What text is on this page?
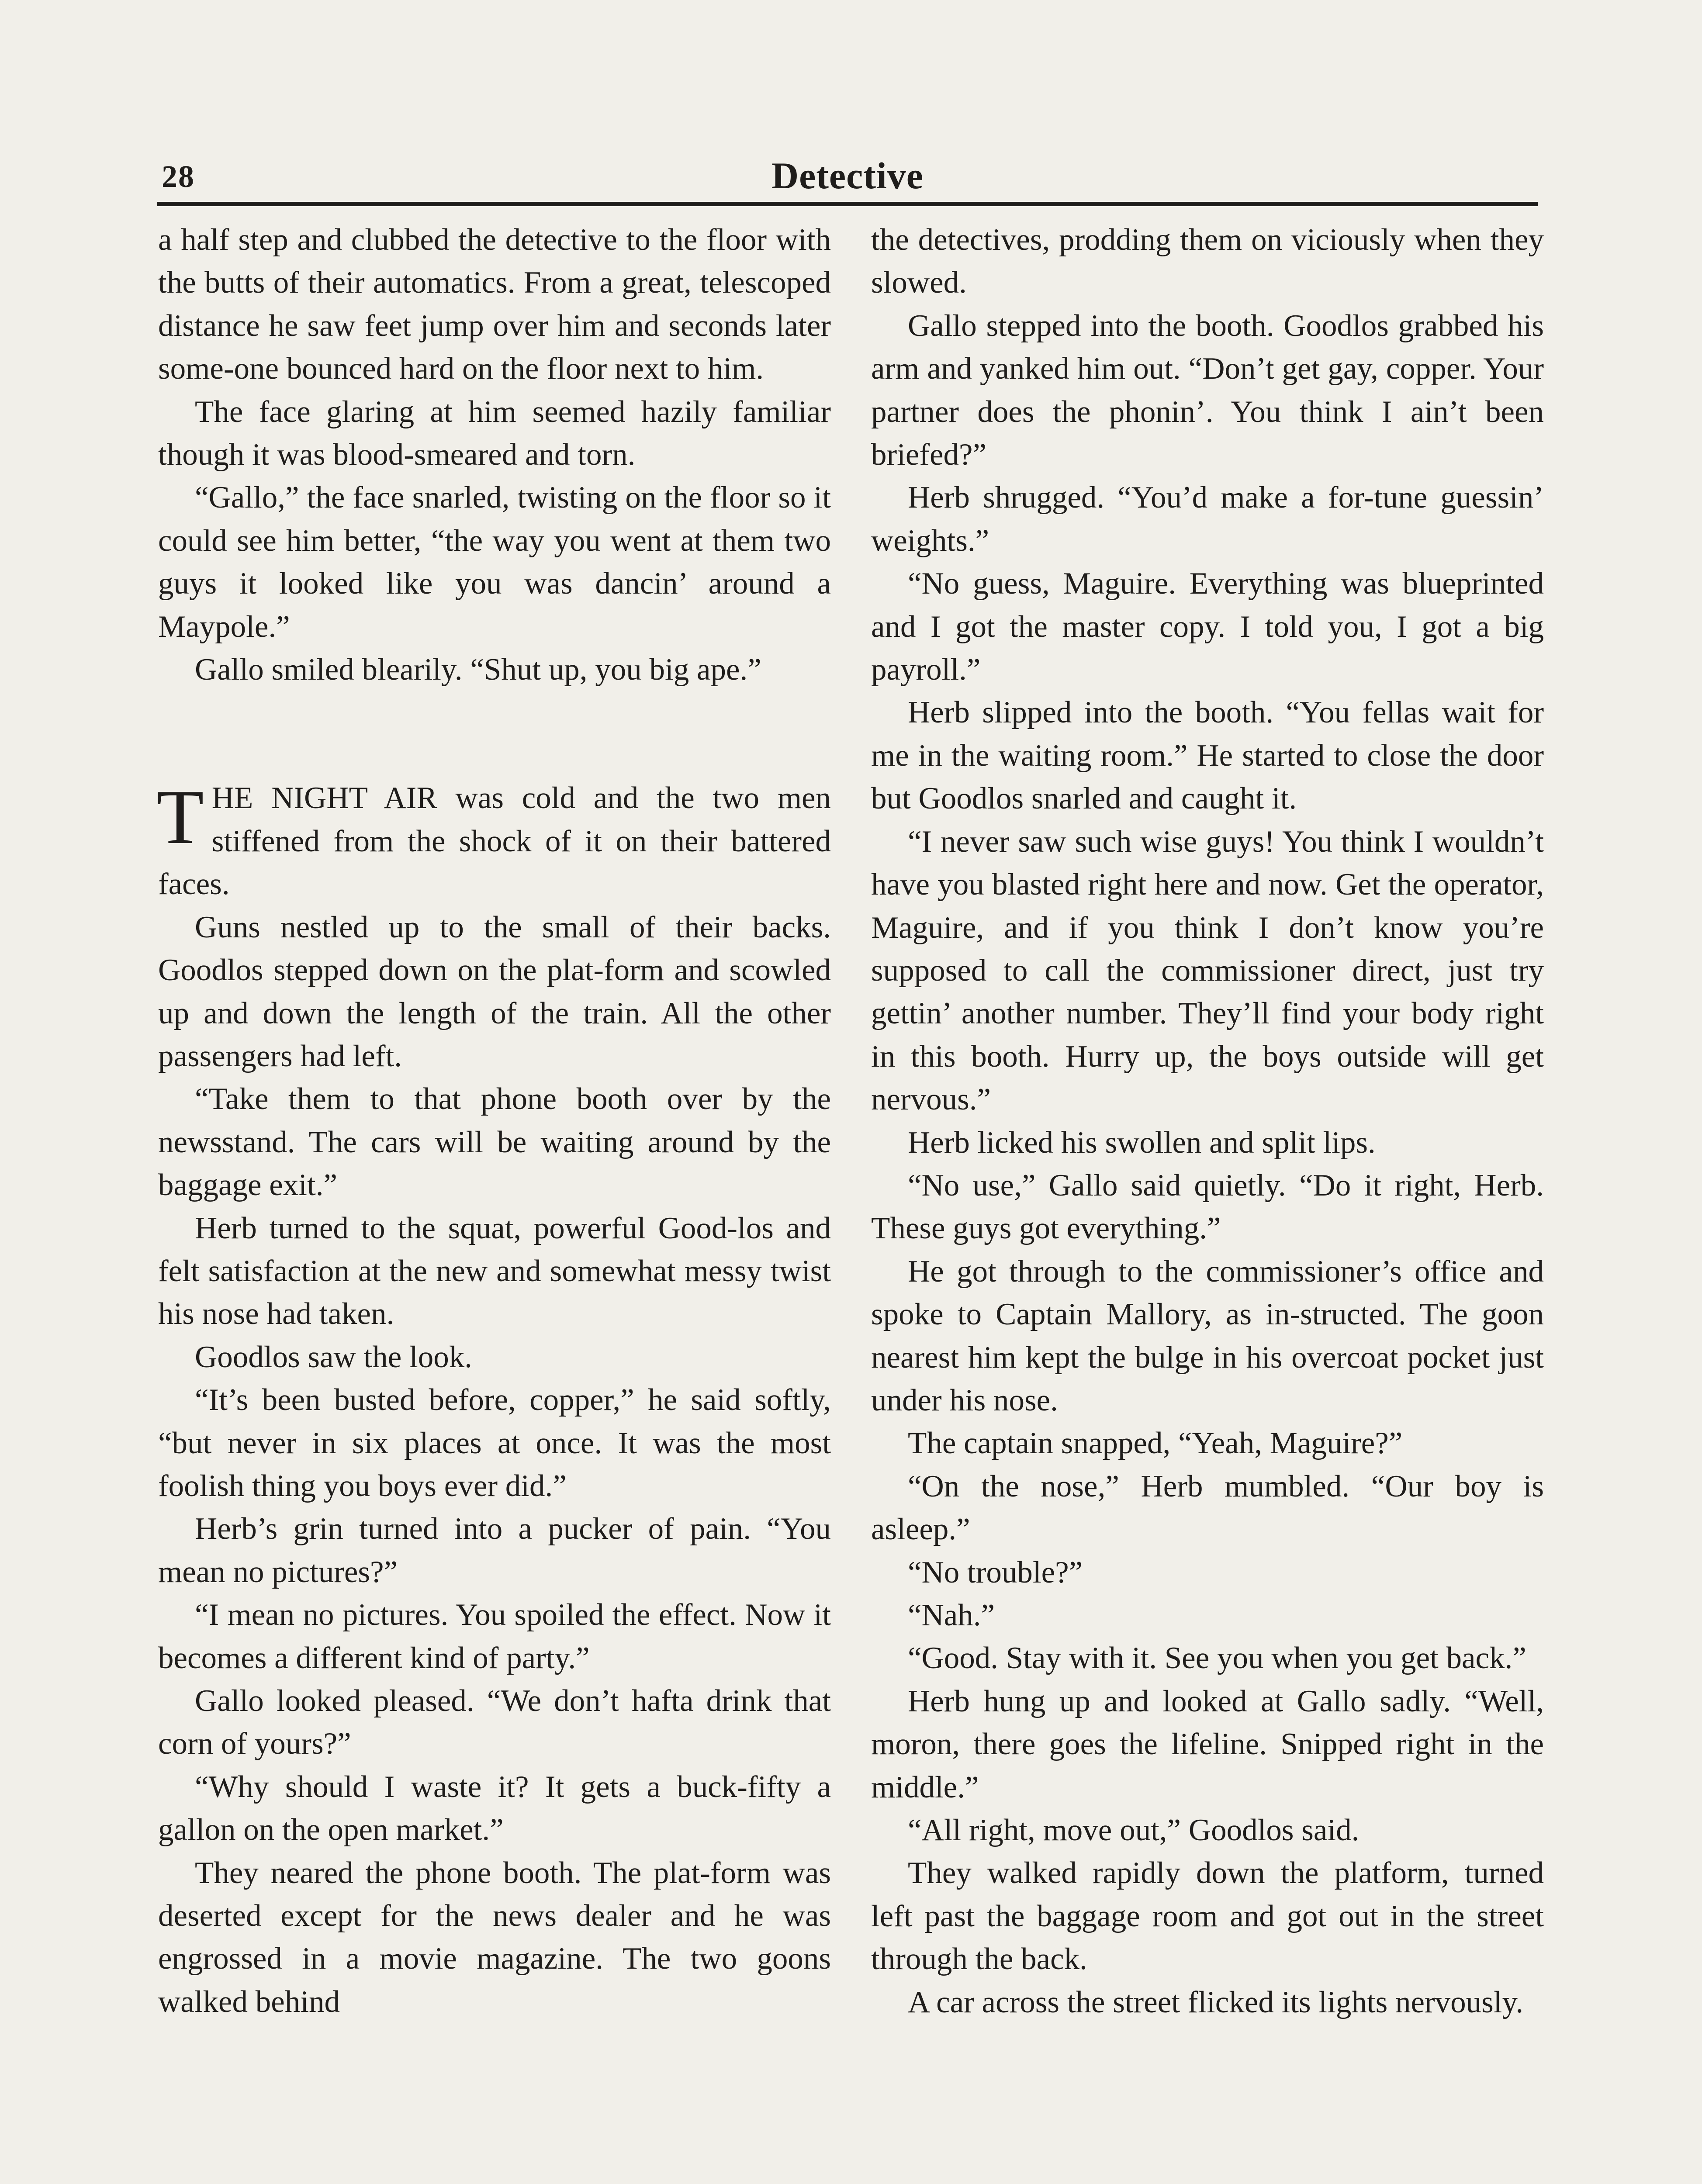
28	Detective

a half step and clubbed the detective to the floor with the butts of their automatics. From a great, telescoped distance he saw feet jump over him and seconds later some-one bounced hard on the floor next to him.

The face glaring at him seemed hazily familiar though it was blood-smeared and torn.

“Gallo,” the face snarled, twisting on the floor so it could see him better, “the way you went at them two guys it looked like you was dancin’ around a Maypole.”

Gallo smiled blearily. “Shut up, you big ape.”

THE NIGHT AIR was cold and the two men stiffened from the shock of it on their battered faces.

Guns nestled up to the small of their backs. Goodlos stepped down on the plat-form and scowled up and down the length of the train. All the other passengers had left.

“Take them to that phone booth over by the newsstand. The cars will be waiting around by the baggage exit.”

Herb turned to the squat, powerful Good-los and felt satisfaction at the new and somewhat messy twist his nose had taken.

Goodlos saw the look.

“It’s been busted before, copper,” he said softly, “but never in six places at once. It was the most foolish thing you boys ever did.”

Herb’s grin turned into a pucker of pain. “You mean no pictures?”

“I mean no pictures. You spoiled the effect. Now it becomes a different kind of party.”

Gallo looked pleased. “We don’t hafta drink that corn of yours?”

“Why should I waste it? It gets a buck-fifty a gallon on the open market.”

They neared the phone booth. The plat-form was deserted except for the news dealer and he was engrossed in a movie magazine. The two goons walked behind

the detectives, prodding them on viciously when they slowed.

Gallo stepped into the booth. Goodlos grabbed his arm and yanked him out. “Don’t get gay, copper. Your partner does the phonin’. You think I ain’t been briefed?”

Herb shrugged. “You’d make a for-tune guessin’ weights.”

“No guess, Maguire. Everything was blueprinted and I got the master copy. I told you, I got a big payroll.”

Herb slipped into the booth. “You fellas wait for me in the waiting room.” He started to close the door but Goodlos snarled and caught it.

“I never saw such wise guys! You think I wouldn’t have you blasted right here and now. Get the operator, Maguire, and if you think I don’t know you’re supposed to call the commissioner direct, just try gettin’ another number. They’ll find your body right in this booth. Hurry up, the boys outside will get nervous.”

Herb licked his swollen and split lips.

“No use,” Gallo said quietly. “Do it right, Herb. These guys got everything.”

He got through to the commissioner’s office and spoke to Captain Mallory, as in-structed. The goon nearest him kept the bulge in his overcoat pocket just under his nose.

The captain snapped, “Yeah, Maguire?”

“On the nose,” Herb mumbled. “Our boy is asleep.”

“No trouble?”

“Nah.”

“Good. Stay with it. See you when you get back.”

Herb hung up and looked at Gallo sadly. “Well, moron, there goes the lifeline. Snipped right in the middle.”

“All right, move out,” Goodlos said.

They walked rapidly down the platform, turned left past the baggage room and got out in the street through the back.

A car across the street flicked its lights nervously.
